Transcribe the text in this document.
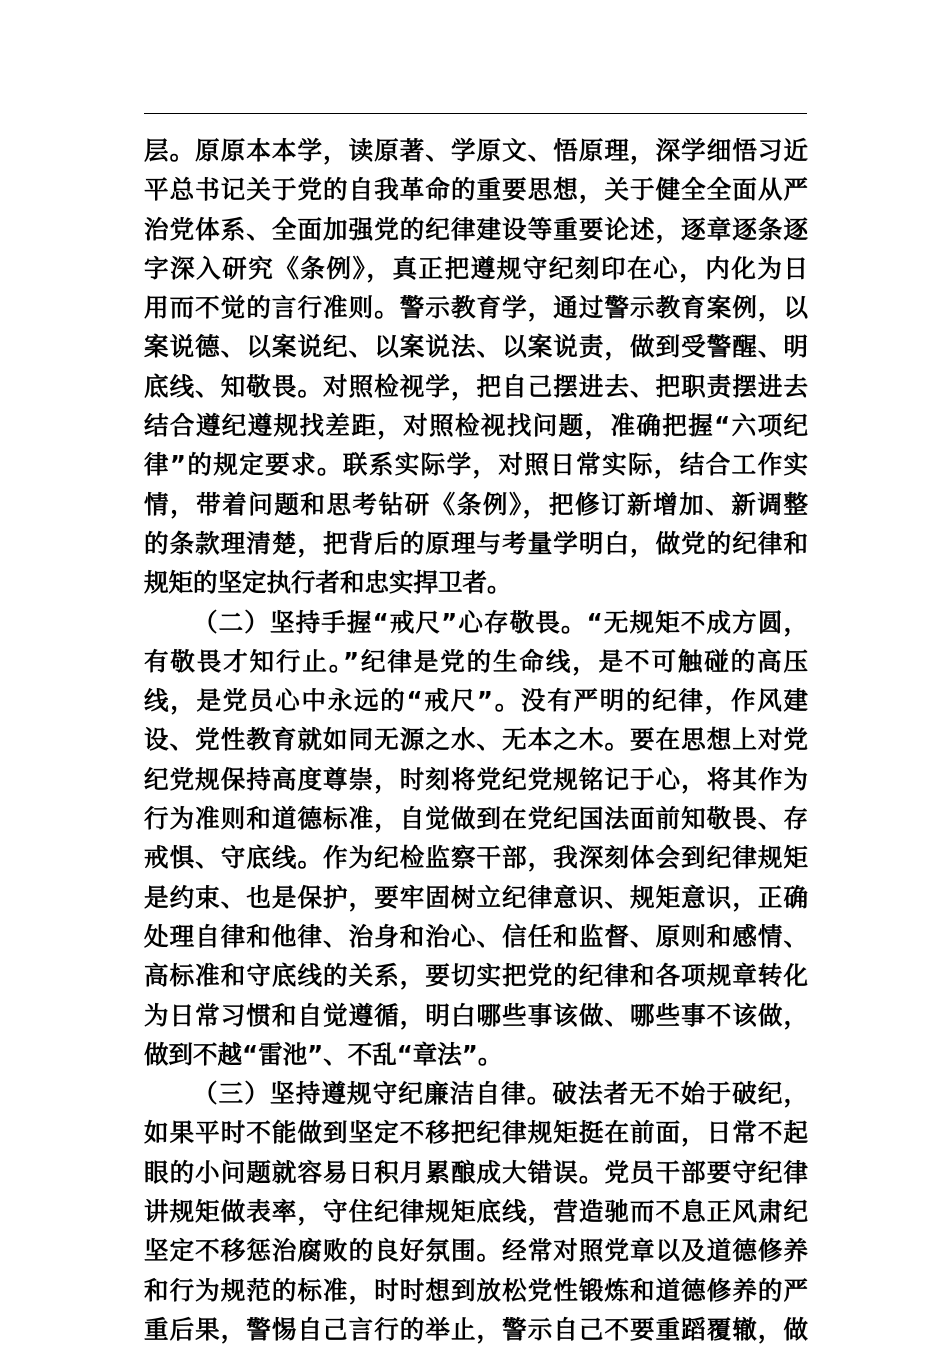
层。原原本本学，读原著、学原文、悟原理，深学细悟习近
平总书记关于党的自我革命的重要思想，关于健全全面从严
治党体系、全面加强党的纪律建设等重要论述，逐章逐条逐
字深入研究《条例》，真正把遵规守纪刻印在心，内化为日
用而不觉的言行准则。警示教育学，通过警示教育案例，以
案说德、以案说纪、以案说法、以案说责，做到受警醒、明
底线、知敬畏。对照检视学，把自己摆进去、把职责摆进去
结合遵纪遵规找差距，对照检视找问题，准确把握“六项纪
律”的规定要求。联系实际学，对照日常实际，结合工作实
情，带着问题和思考钻研《条例》，把修订新增加、新调整
的条款理清楚，把背后的原理与考量学明白，做党的纪律和
规矩的坚定执行者和忠实捍卫者。
（二）坚持手握“戒尺”心存敬畏。“无规矩不成方圆，
有敬畏才知行止。”纪律是党的生命线，是不可触碰的高压
线，是党员心中永远的“戒尺”。没有严明的纪律，作风建
设、党性教育就如同无源之水、无本之木。要在思想上对党
纪党规保持高度尊崇，时刻将党纪党规铭记于心，将其作为
行为准则和道德标准，自觉做到在党纪国法面前知敬畏、存
戒惧、守底线。作为纪检监察干部，我深刻体会到纪律规矩
是约束、也是保护，要牢固树立纪律意识、规矩意识，正确
处理自律和他律、治身和治心、信任和监督、原则和感情、
高标准和守底线的关系，要切实把党的纪律和各项规章转化
为日常习惯和自觉遵循，明白哪些事该做、哪些事不该做，
做到不越“雷池”、不乱“章法”。
（三）坚持遵规守纪廉洁自律。破法者无不始于破纪，
如果平时不能做到坚定不移把纪律规矩挺在前面，日常不起
眼的小问题就容易日积月累酿成大错误。党员干部要守纪律
讲规矩做表率，守住纪律规矩底线，营造驰而不息正风肃纪
坚定不移惩治腐败的良好氛围。经常对照党章以及道德修养
和行为规范的标准，时时想到放松党性锻炼和道德修养的严
重后果，警惕自己言行的举止，警示自己不要重蹈覆辙，做
